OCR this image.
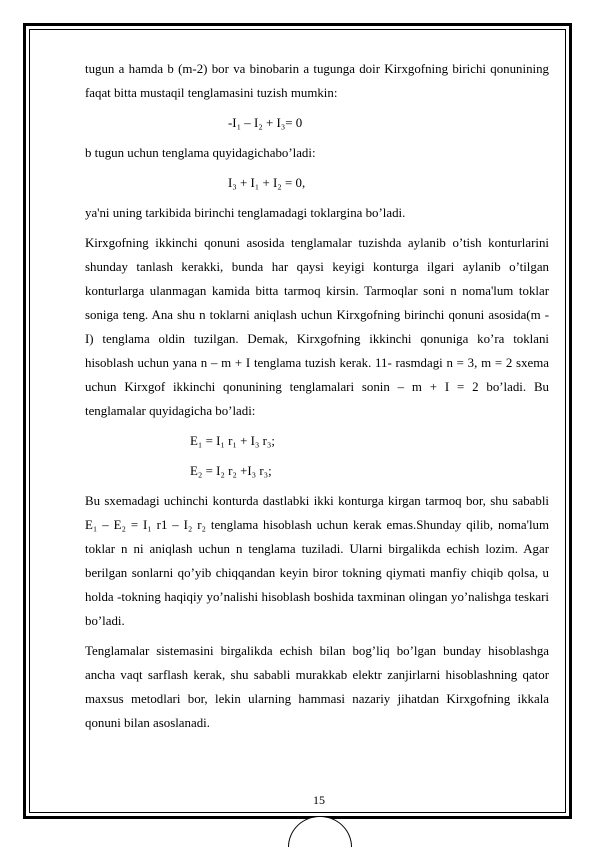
tugun a hamda b (m-2) bor va binobarin a tugunga doir Kirxgofning birichi qonunining faqat bitta mustaqil tenglamasini tuzish mumkin:

-I₁ – I₂ + I₃= 0

b tugun uchun tenglama quyidagichabo’ladi:

I₃ + I₁ + I₂ = 0,

ya'ni uning tarkibida birinchi tenglamadagi toklargina bo’ladi.

Kirxgofning ikkinchi qonuni asosida tenglamalar tuzishda aylanib o’tish konturlarini shunday tanlash kerakki, bunda har qaysi keyigi konturga ilgari aylanib o’tilgan konturlarga ulanmagan kamida bitta tarmoq kirsin. Tarmoqlar soni n noma'lum toklar soniga teng. Ana shu n toklarni aniqlash uchun Kirxgofning birinchi qonuni asosida(m - I) tenglama oldin tuzilgan. Demak, Kirxgofning ikkinchi qonuniga ko’ra toklani hisoblash uchun yana n – m + I tenglama tuzish kerak. 11- rasmdagi n = 3, m = 2 sxema uchun Kirxgof ikkinchi qonunining tenglamalari sonin – m + I = 2 bo’ladi. Bu tenglamalar quyidagicha bo’ladi:

E₁ = I₁ r₁ + I₃ r₃;

E₂ = I₂ r₂ +I₃ r₃;

Bu sxemadagi uchinchi konturda dastlabki ikki konturga kirgan tarmoq bor, shu sababli E₁ – E₂ = I₁ r1 – I₂ r₂ tenglama hisoblash uchun kerak emas.Shunday qilib, noma'lum toklar n ni aniqlash uchun n tenglama tuziladi. Ularni birgalikda echish lozim. Agar berilgan sonlarni qo’yib chiqqandan keyin biror tokning qiymati manfiy chiqib qolsa, u holda -tokning haqiqiy yo’nalishi hisoblash boshida taxminan olingan yo’nalishga teskari bo’ladi.

Tenglamalar sistemasini birgalikda echish bilan bog’liq bo’lgan bunday hisoblashga ancha vaqt sarflash kerak, shu sababli murakkab elektr zanjirlarni hisoblashning qator maxsus metodlari bor, lekin ularning hammasi nazariy jihatdan Kirxgofning ikkala qonuni bilan asoslanadi.

15
